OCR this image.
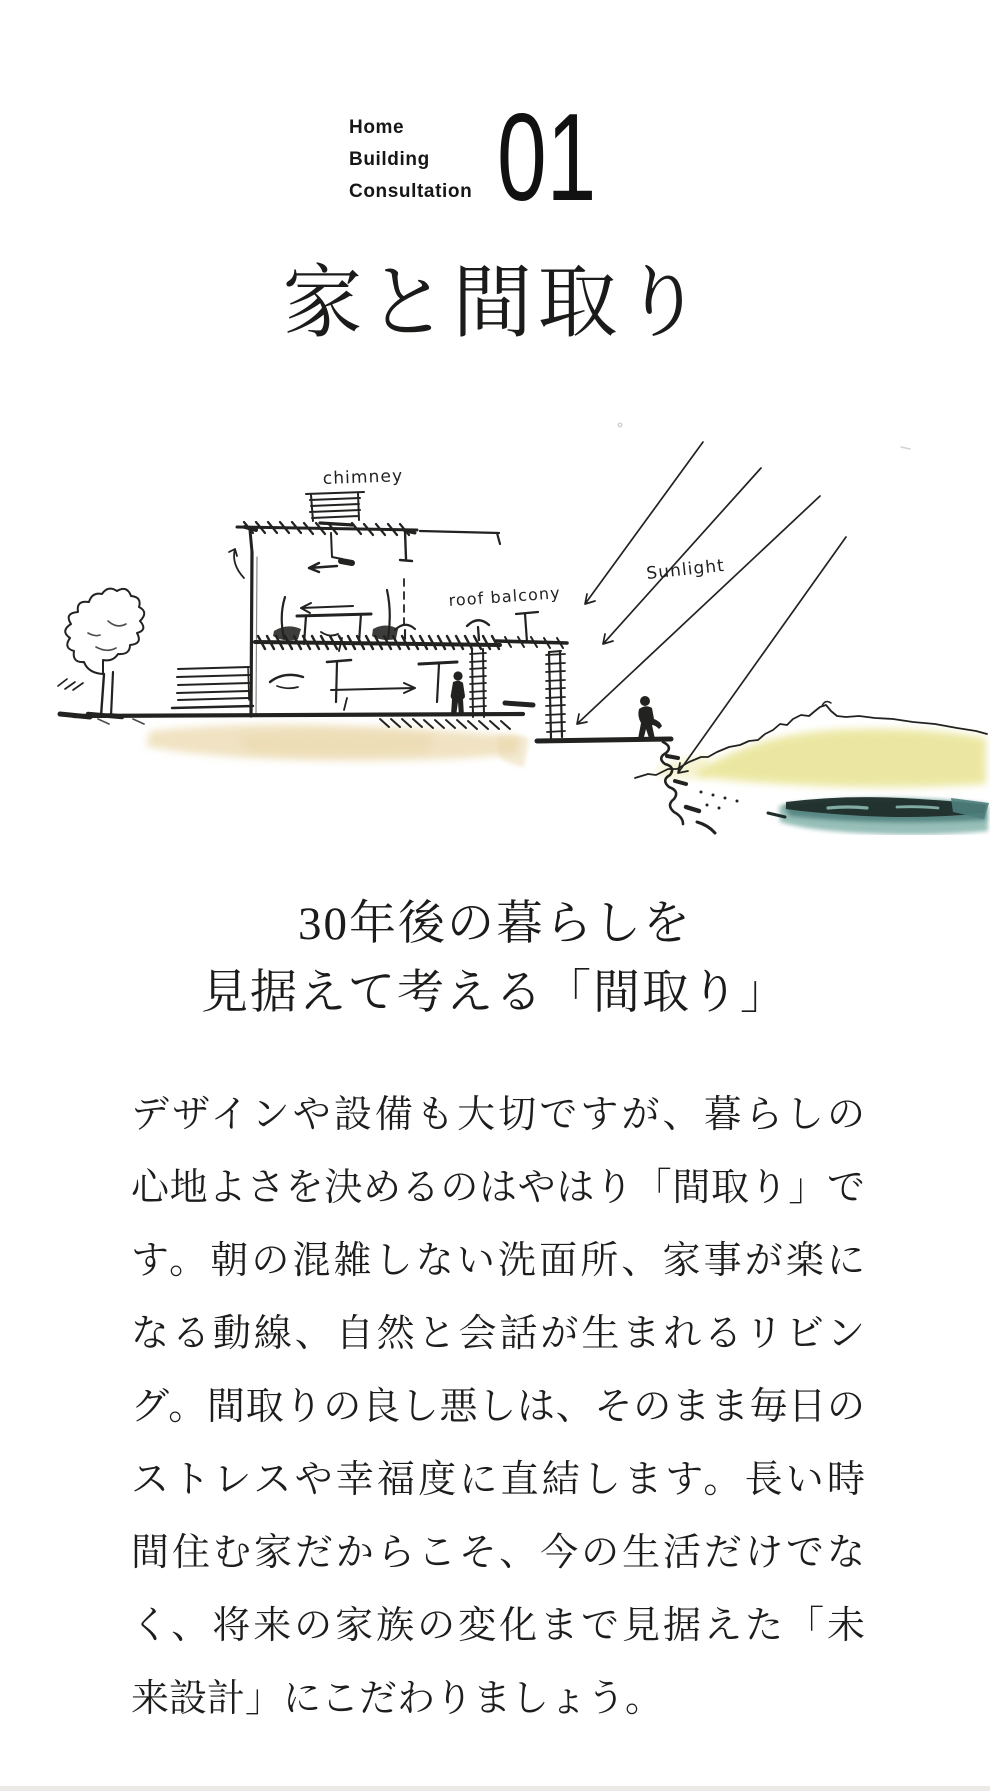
Home
Building
Consultation 01
家と間取り
chimney
roof balcony
Sunlight
30年後の暮らしを
見据えて考える「間取り」
デザインや設備も大切ですが、暮らしの
心地よさを決めるのはやはり「間取り」で
す。朝の混雑しない洗面所、家事が楽に
なる動線、自然と会話が生まれるリビン
グ。間取りの良し悪しは、そのまま毎日の
ストレスや幸福度に直結します。長い時
間住む家だからこそ、今の生活だけでな
く、将来の家族の変化まで見据えた「未
来設計」にこだわりましょう。
